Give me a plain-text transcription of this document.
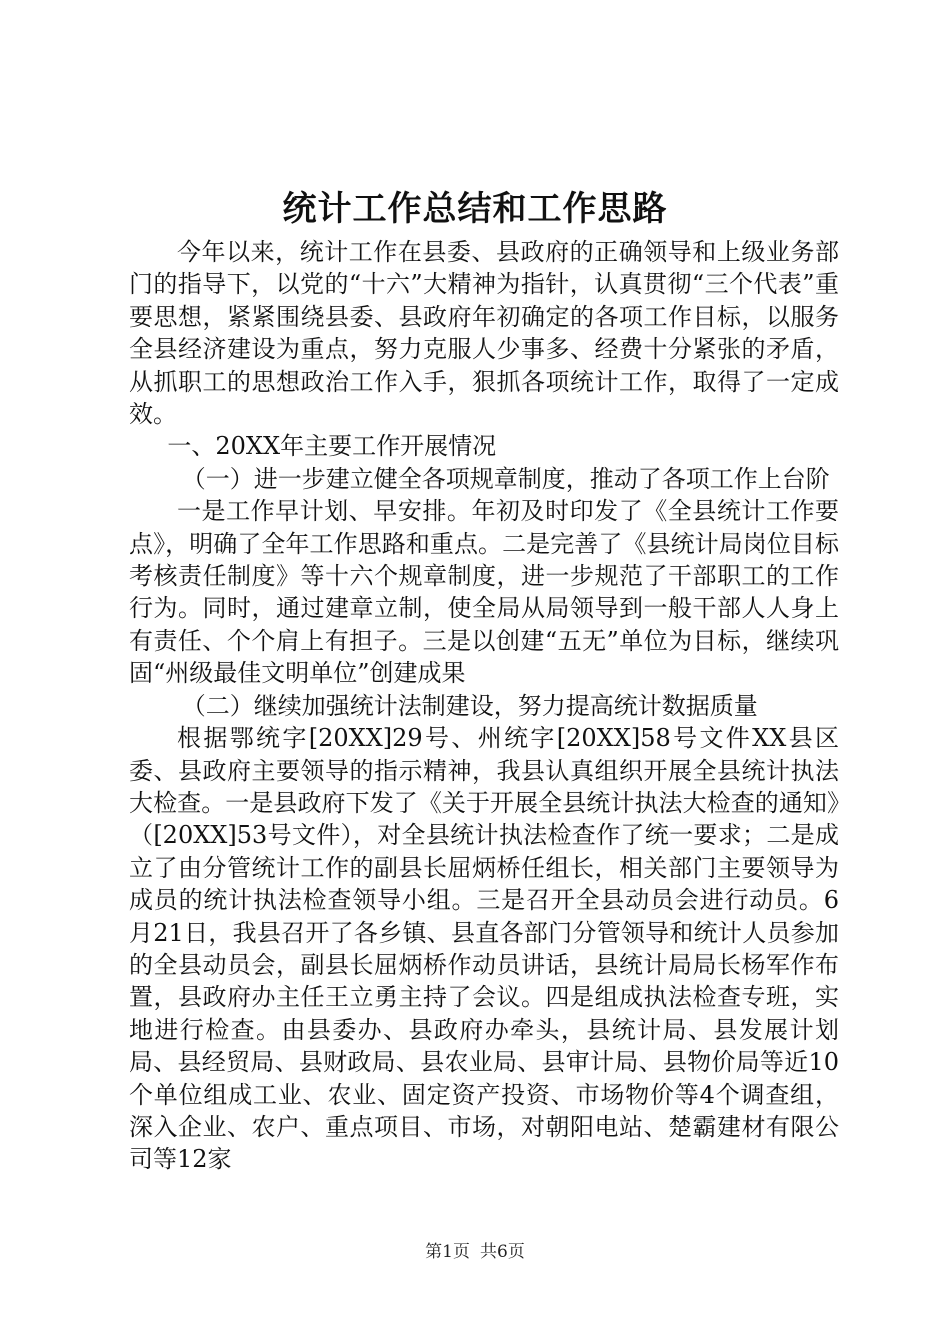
统计工作总结和工作思路

今年以来，统计工作在县委、县政府的正确领导和上级业务部门的指导下，以党的“十六”大精神为指针，认真贯彻“三个代表”重要思想，紧紧围绕县委、县政府年初确定的各项工作目标，以服务全县经济建设为重点，努力克服人少事多、经费十分紧张的矛盾，从抓职工的思想政治工作入手，狠抓各项统计工作，取得了一定成效。

一、20XX年主要工作开展情况

（一）进一步建立健全各项规章制度，推动了各项工作上台阶

一是工作早计划、早安排。年初及时印发了《全县统计工作要点》，明确了全年工作思路和重点。二是完善了《县统计局岗位目标考核责任制度》等十六个规章制度，进一步规范了干部职工的工作行为。同时，通过建章立制，使全局从局领导到一般干部人人身上有责任、个个肩上有担子。三是以创建“五无”单位为目标，继续巩固“州级最佳文明单位”创建成果

（二）继续加强统计法制建设，努力提高统计数据质量

根据鄂统字[20XX]29号、州统字[20XX]58号文件XX县区委、县政府主要领导的指示精神，我县认真组织开展全县统计执法大检查。一是县政府下发了《关于开展全县统计执法大检查的通知》（[20XX]53号文件），对全县统计执法检查作了统一要求；二是成立了由分管统计工作的副县长屈炳桥任组长，相关部门主要领导为成员的统计执法检查领导小组。三是召开全县动员会进行动员。6月21日，我县召开了各乡镇、县直各部门分管领导和统计人员参加的全县动员会，副县长屈炳桥作动员讲话，县统计局局长杨军作布置，县政府办主任王立勇主持了会议。四是组成执法检查专班，实地进行检查。由县委办、县政府办牵头，县统计局、县发展计划局、县经贸局、县财政局、县农业局、县审计局、县物价局等近10个单位组成工业、农业、固定资产投资、市场物价等4个调查组，深入企业、农户、重点项目、市场，对朝阳电站、楚霸建材有限公司等12家

第1页 共6页
